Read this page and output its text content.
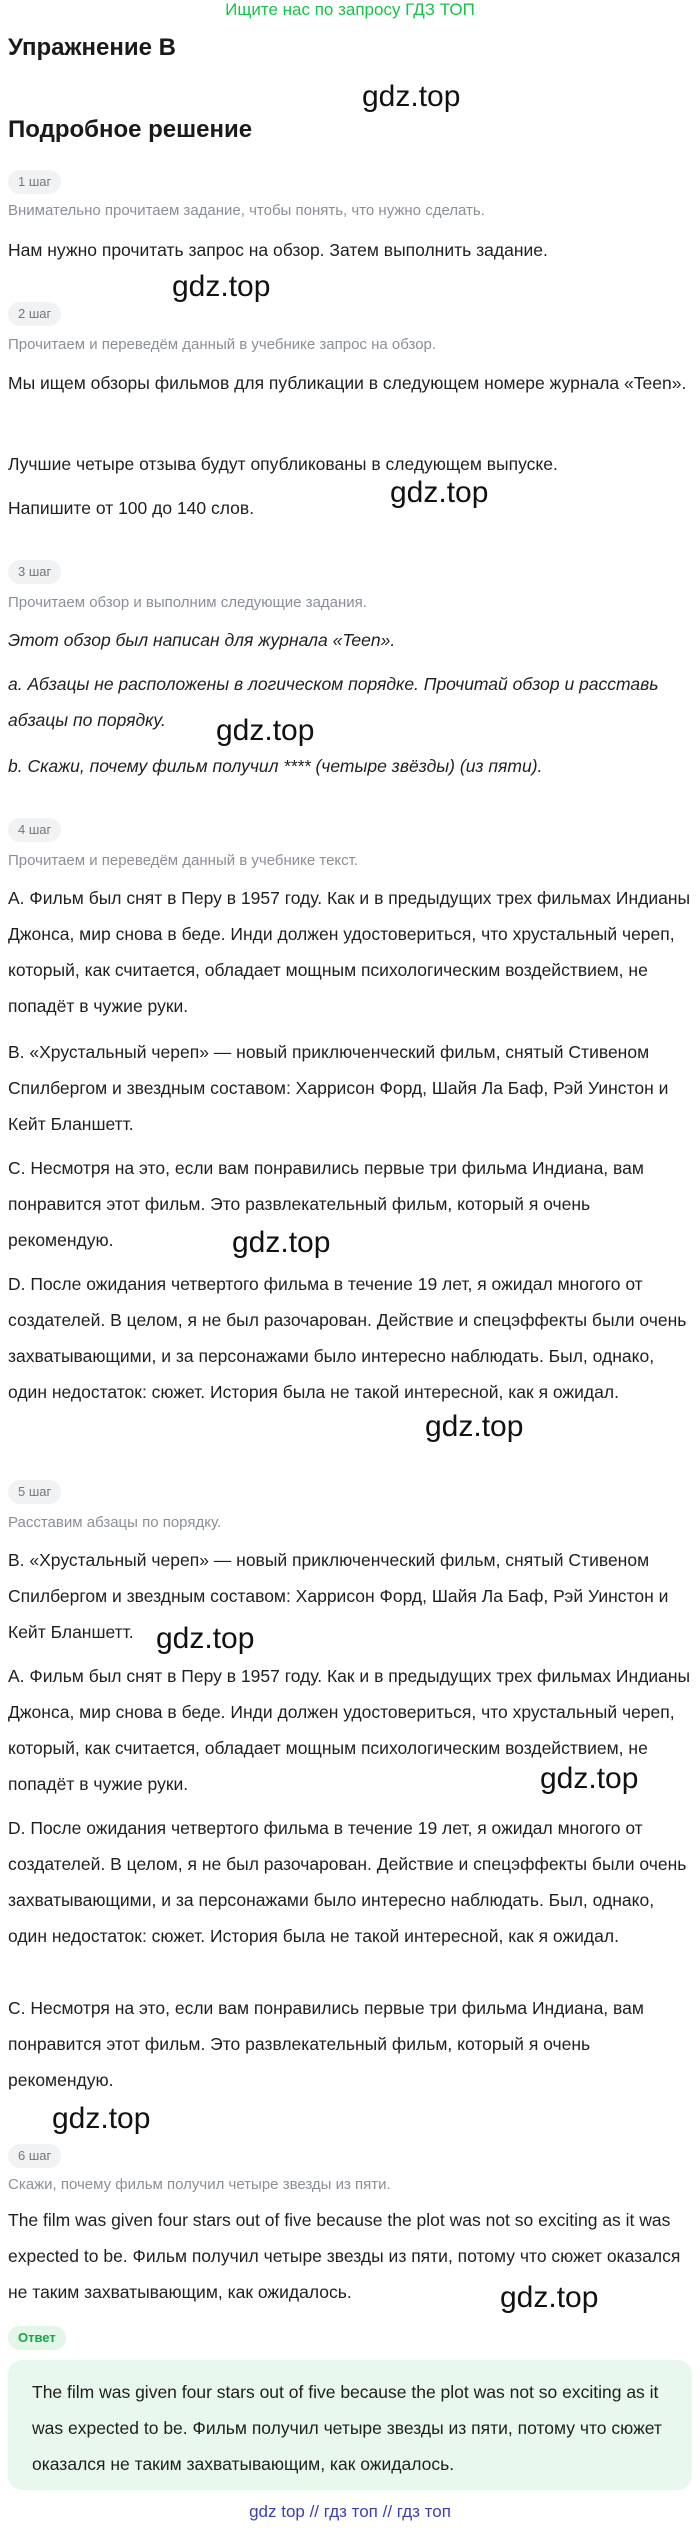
Ищите нас по запросу ГДЗ ТОП
Упражнение B
Подробное решение
gdz.top
gdz.top
gdz.top
gdz.top
gdz.top
gdz.top
gdz.top
gdz.top
gdz.top
gdz.top
1 шаг
Внимательно прочитаем задание, чтобы понять, что нужно сделать.
Нам нужно прочитать запрос на обзор. Затем выполнить задание.
2 шаг
Прочитаем и переведём данный в учебнике запрос на обзор.
Мы ищем обзоры фильмов для публикации в следующем номере журнала «Teen».
Лучшие четыре отзыва будут опубликованы в следующем выпуске.
Напишите от 100 до 140 слов.
3 шаг
Прочитаем обзор и выполним следующие задания.
Этот обзор был написан для журнала «Teen».
a. Абзацы не расположены в логическом порядке. Прочитай обзор и расставь абзацы по порядку.
b. Скажи, почему фильм получил **** (четыре звёзды) (из пяти).
4 шаг
Прочитаем и переведём данный в учебнике текст.
A. Фильм был снят в Перу в 1957 году. Как и в предыдущих трех фильмах Индианы Джонса, мир снова в беде. Инди должен удостовериться, что хрустальный череп, который, как считается, обладает мощным психологическим воздействием, не попадёт в чужие руки.
B. «Хрустальный череп» — новый приключенческий фильм, снятый Стивеном Спилбергом и звездным составом: Харрисон Форд, Шайя Ла Баф, Рэй Уинстон и Кейт Бланшетт.
C. Несмотря на это, если вам понравились первые три фильма Индиана, вам понравится этот фильм. Это развлекательный фильм, который я очень рекомендую.
D. После ожидания четвертого фильма в течение 19 лет, я ожидал многого от создателей. В целом, я не был разочарован. Действие и спецэффекты были очень захватывающими, и за персонажами было интересно наблюдать. Был, однако, один недостаток: сюжет. История была не такой интересной, как я ожидал.
5 шаг
Расставим абзацы по порядку.
B. «Хрустальный череп» — новый приключенческий фильм, снятый Стивеном Спилбергом и звездным составом: Харрисон Форд, Шайя Ла Баф, Рэй Уинстон и Кейт Бланшетт.
A. Фильм был снят в Перу в 1957 году. Как и в предыдущих трех фильмах Индианы Джонса, мир снова в беде. Инди должен удостовериться, что хрустальный череп, который, как считается, обладает мощным психологическим воздействием, не попадёт в чужие руки.
D. После ожидания четвертого фильма в течение 19 лет, я ожидал многого от создателей. В целом, я не был разочарован. Действие и спецэффекты были очень захватывающими, и за персонажами было интересно наблюдать. Был, однако, один недостаток: сюжет. История была не такой интересной, как я ожидал.
C. Несмотря на это, если вам понравились первые три фильма Индиана, вам понравится этот фильм. Это развлекательный фильм, который я очень рекомендую.
6 шаг
Скажи, почему фильм получил четыре звезды из пяти.
The film was given four stars out of five because the plot was not so exciting as it was expected to be. Фильм получил четыре звезды из пяти, потому что сюжет оказался не таким захватывающим, как ожидалось.
Ответ
The film was given four stars out of five because the plot was not so exciting as it was expected to be. Фильм получил четыре звезды из пяти, потому что сюжет оказался не таким захватывающим, как ожидалось.
gdz top // гдз топ // гдз топ
